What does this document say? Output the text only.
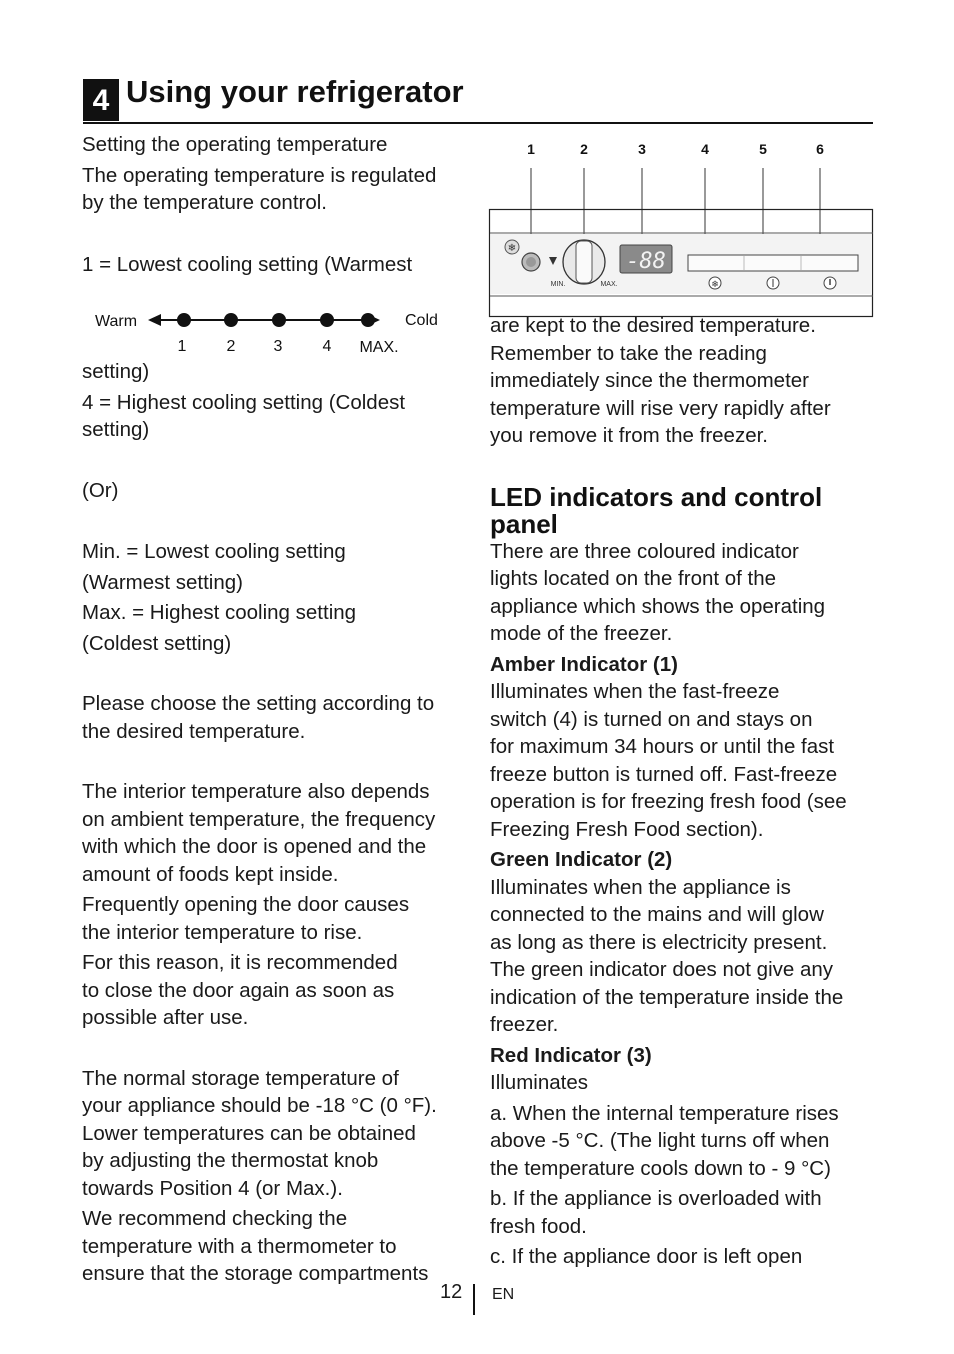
4 Using your refrigerator

Setting the operating temperature

The operating temperature is regulated
by the temperature control.

1 = Lowest cooling setting (Warmest

Warm	Cold
1	2 3	4 MAX.

setting)

4 = Highest cooling setting (Coldest
setting)

(Or)

Min. = Lowest cooling setting

(Warmest setting)

Max. = Highest cooling setting

(Coldest setting)

Please choose the setting according to
the desired temperature.

The interior temperature also depends
on ambient temperature, the frequency
with which the door is opened and the
amount of foods kept inside.

Frequently opening the door causes
the interior temperature to rise.

For this reason, it is recommended
to close the door again as soon as
possible after use.

The normal storage temperature of
your appliance should be -18 °C (0 °F).
Lower temperatures can be obtained
by adjusting the thermostat knob
towards Position 4 (or Max.).

We recommend checking the
temperature with a thermometer to
ensure that the storage compartments

1	2	3	4	5	6
❄
MIN.	MAX.
-88
❄

are kept to the desired temperature.
Remember to take the reading
immediately since the thermometer
temperature will rise very rapidly after
you remove it from the freezer.

LED indicators and control
panel

There are three coloured indicator
lights located on the front of the
appliance which shows the operating
mode of the freezer.

Amber Indicator (1)

Illuminates when the fast-freeze
switch (4) is turned on and stays on
for maximum 34 hours or until the fast
freeze button is turned off. Fast-freeze
operation is for freezing fresh food (see
Freezing Fresh Food section).

Green Indicator (2)

Illuminates when the appliance is
connected to the mains and will glow
as long as there is electricity present.
The green indicator does not give any
indication of the temperature inside the
freezer.

Red Indicator (3)

Illuminates

a. When the internal temperature rises
above -5 °C. (The light turns off when
the temperature cools down to - 9 °C)

b. If the appliance is overloaded with
fresh food.

c. If the appliance door is left open

12 EN
